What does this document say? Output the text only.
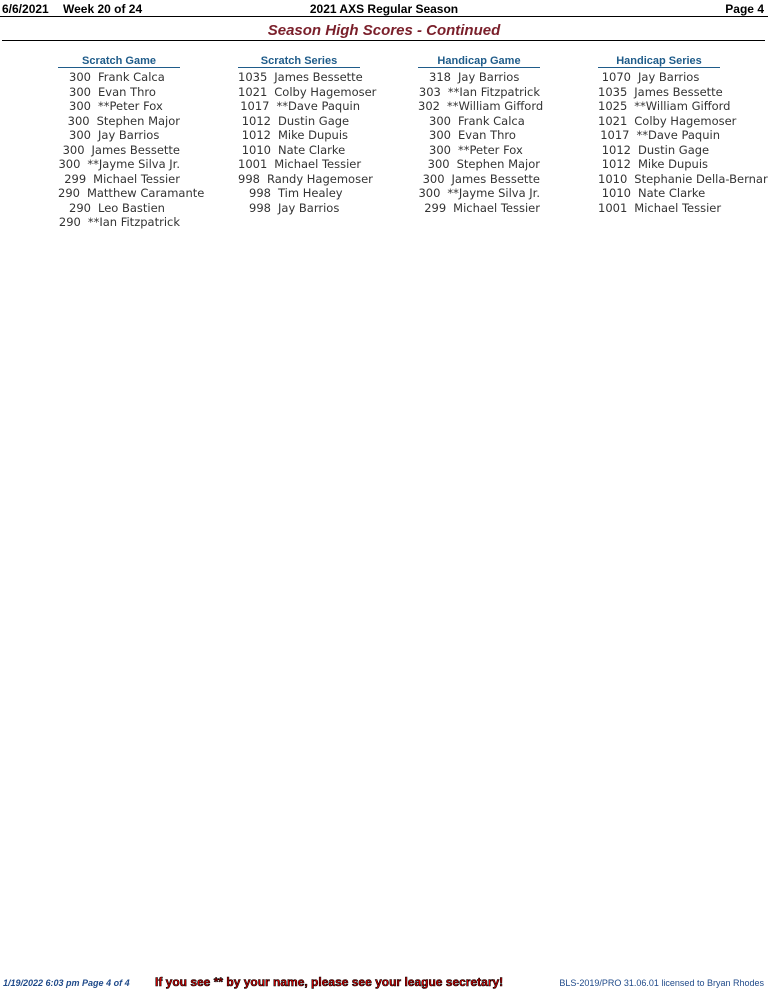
2021 AXS Regular Season
6/6/2021 Week 20 of 24	Page 4
Season High Scores - Continued
Scratch Game
300 Frank Calca
300 Evan Thro
300 **Peter Fox
300 Stephen Major
300 Jay Barrios
300 James Bessette
300 **Jayme Silva Jr.
299 Michael Tessier
290 Matthew Caramante
290 Leo Bastien
290 **Ian Fitzpatrick
Scratch Series
1035 James Bessette
1021 Colby Hagemoser
1017 **Dave Paquin
1012 Dustin Gage
1012 Mike Dupuis
1010 Nate Clarke
1001 Michael Tessier
998 Randy Hagemoser
998 Tim Healey
998 Jay Barrios
Handicap Game
318 Jay Barrios
303 **Ian Fitzpatrick
302 **William Gifford
300 Frank Calca
300 Evan Thro
300 **Peter Fox
300 Stephen Major
300 James Bessette
300 **Jayme Silva Jr.
299 Michael Tessier
Handicap Series
1070 Jay Barrios
1035 James Bessette
1025 **William Gifford
1021 Colby Hagemoser
1017 **Dave Paquin
1012 Dustin Gage
1012 Mike Dupuis
1010 Stephanie Della-Bernar
1010 Nate Clarke
1001 Michael Tessier
1/19/2022 6:03 pm Page 4 of 4 If you see ** by your name, please see your league secretary!	BLS-2019/PRO 31.06.01 licensed to Bryan Rhodes
